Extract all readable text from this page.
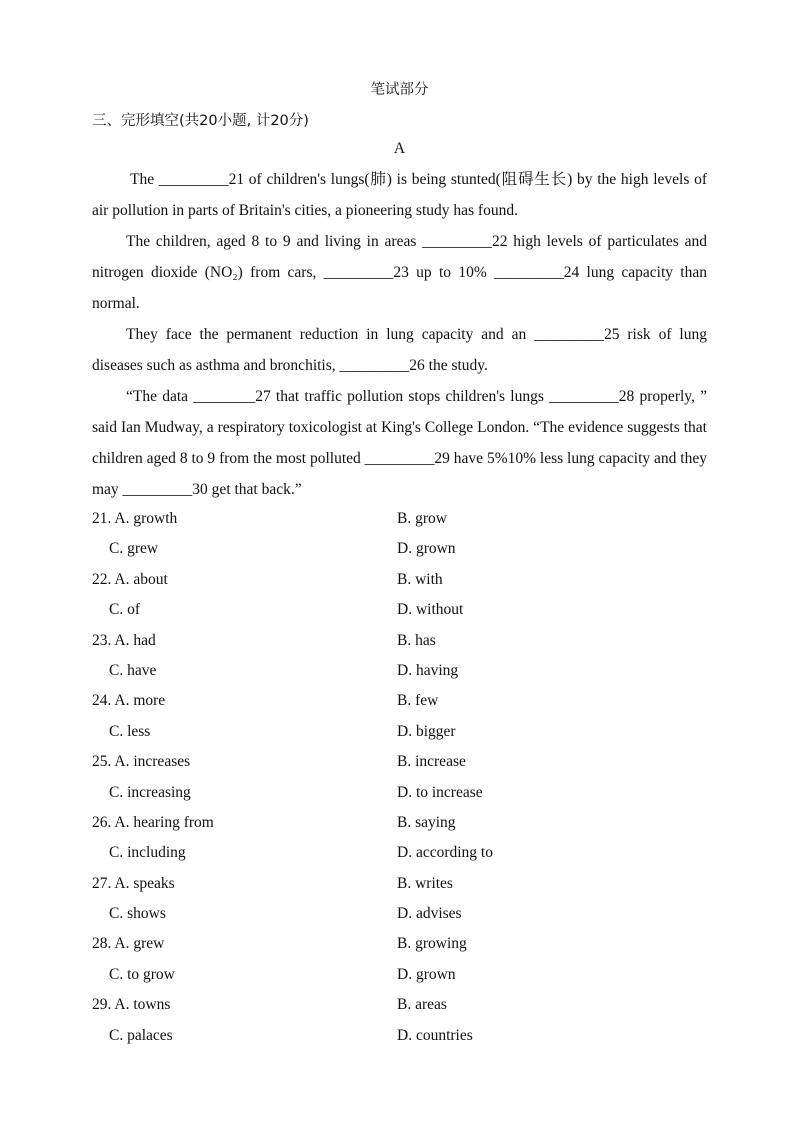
笔试部分
三、完形填空(共20小题, 计20分)
A

The _________21 of children's lungs(肺) is being stunted(阻碍生长) by the high levels of air pollution in parts of Britain's cities, a pioneering study has found.

The children, aged 8 to 9 and living in areas _________22 high levels of particulates and nitrogen dioxide (NO₂) from cars, _________23 up to 10% _________24 lung capacity than normal.

They face the permanent reduction in lung capacity and an _________25 risk of lung diseases such as asthma and bronchitis, _________26 the study.

“The data ________27 that traffic pollution stops children's lungs _________28 properly, ” said Ian Mudway, a respiratory toxicologist at King's College London. “The evidence suggests that children aged 8 to 9 from the most polluted _________29 have 5%10% less lung capacity and they may _________30 get that back.”

21. A. growth	B. grow
C. grew	D. grown
22. A. about	B. with
C. of	D. without
23. A. had	B. has
C. have	D. having
24. A. more	B. few
C. less	D. bigger
25. A. increases	B. increase
C. increasing	D. to increase
26. A. hearing from	B. saying
C. including	D. according to
27. A. speaks	B. writes
C. shows	D. advises
28. A. grew	B. growing
C. to grow	D. grown
29. A. towns	B. areas
C. palaces	D. countries
